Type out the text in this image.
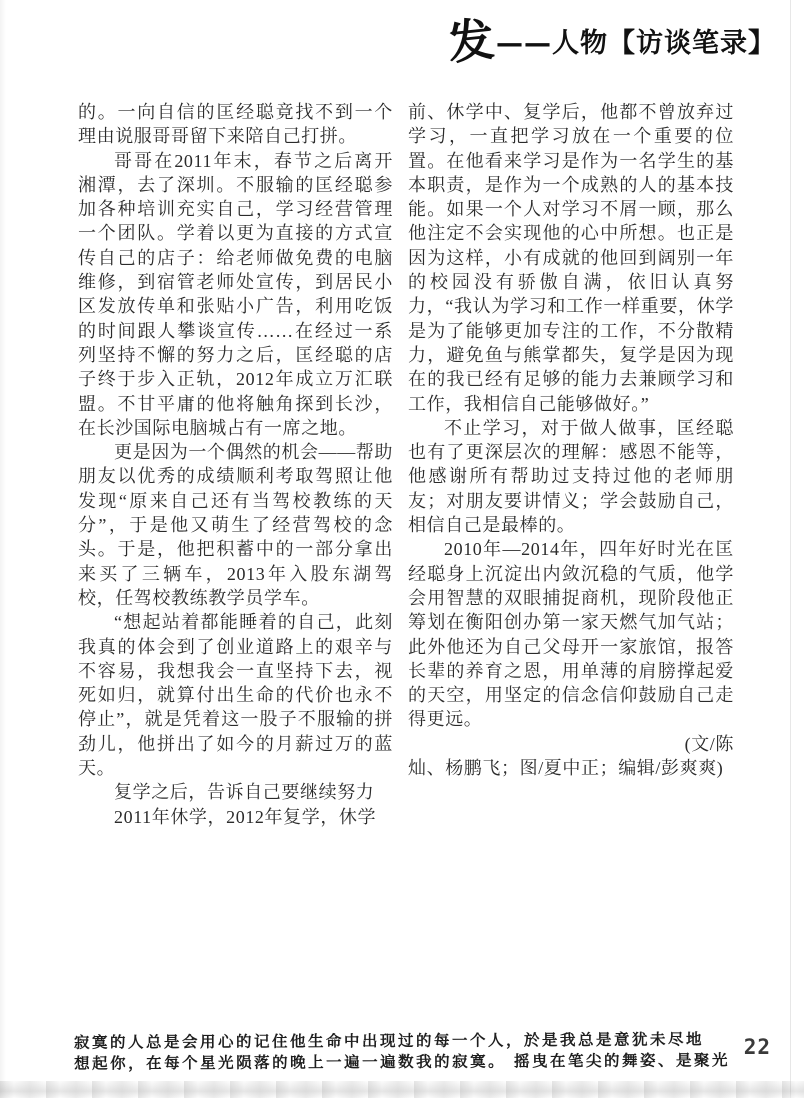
发 ——人物【访谈笔录】

的。一向自信的匡经聪竟找不到一个理由说服哥哥留下来陪自己打拼。

哥哥在2011年末，春节之后离开湘潭，去了深圳。不服输的匡经聪参加各种培训充实自己，学习经营管理一个团队。学着以更为直接的方式宣传自己的店子：给老师做免费的电脑维修，到宿管老师处宣传，到居民小区发放传单和张贴小广告，利用吃饭的时间跟人攀谈宣传……在经过一系列坚持不懈的努力之后，匡经聪的店子终于步入正轨，2012年成立万汇联盟。不甘平庸的他将触角探到长沙，在长沙国际电脑城占有一席之地。

更是因为一个偶然的机会——帮助朋友以优秀的成绩顺利考取驾照让他发现“原来自己还有当驾校教练的天分”，于是他又萌生了经营驾校的念头。于是，他把积蓄中的一部分拿出来买了三辆车，2013年入股东湖驾校，任驾校教练教学员学车。

“想起站着都能睡着的自己，此刻我真的体会到了创业道路上的艰辛与不容易，我想我会一直坚持下去，视死如归，就算付出生命的代价也永不停止”，就是凭着这一股子不服输的拼劲儿，他拼出了如今的月薪过万的蓝天。

复学之后，告诉自己要继续努力

2011年休学，2012年复学，休学

前、休学中、复学后，他都不曾放弃过学习，一直把学习放在一个重要的位置。在他看来学习是作为一名学生的基本职责，是作为一个成熟的人的基本技能。如果一个人对学习不屑一顾，那么他注定不会实现他的心中所想。也正是因为这样，小有成就的他回到阔别一年的校园没有骄傲自满，依旧认真努力，“我认为学习和工作一样重要，休学是为了能够更加专注的工作，不分散精力，避免鱼与熊掌都失，复学是因为现在的我已经有足够的能力去兼顾学习和工作，我相信自己能够做好。”

不止学习，对于做人做事，匡经聪也有了更深层次的理解：感恩不能等，他感谢所有帮助过支持过他的老师朋友；对朋友要讲情义；学会鼓励自己，相信自己是最棒的。

2010年—2014年，四年好时光在匡经聪身上沉淀出内敛沉稳的气质，他学会用智慧的双眼捕捉商机，现阶段他正筹划在衡阳创办第一家天燃气加气站；此外他还为自己父母开一家旅馆，报答长辈的养育之恩，用单薄的肩膀撑起爱的天空，用坚定的信念信仰鼓励自己走得更远。

(文/陈

灿、杨鹏飞；图/夏中正；编辑/彭爽爽)

寂寞的人总是会用心的记住他生命中出现过的每一个人，於是我总是意犹未尽地
想起你，在每个星光陨落的晚上一遍一遍数我的寂寞。 摇曳在笔尖的舞姿、是聚光
22
